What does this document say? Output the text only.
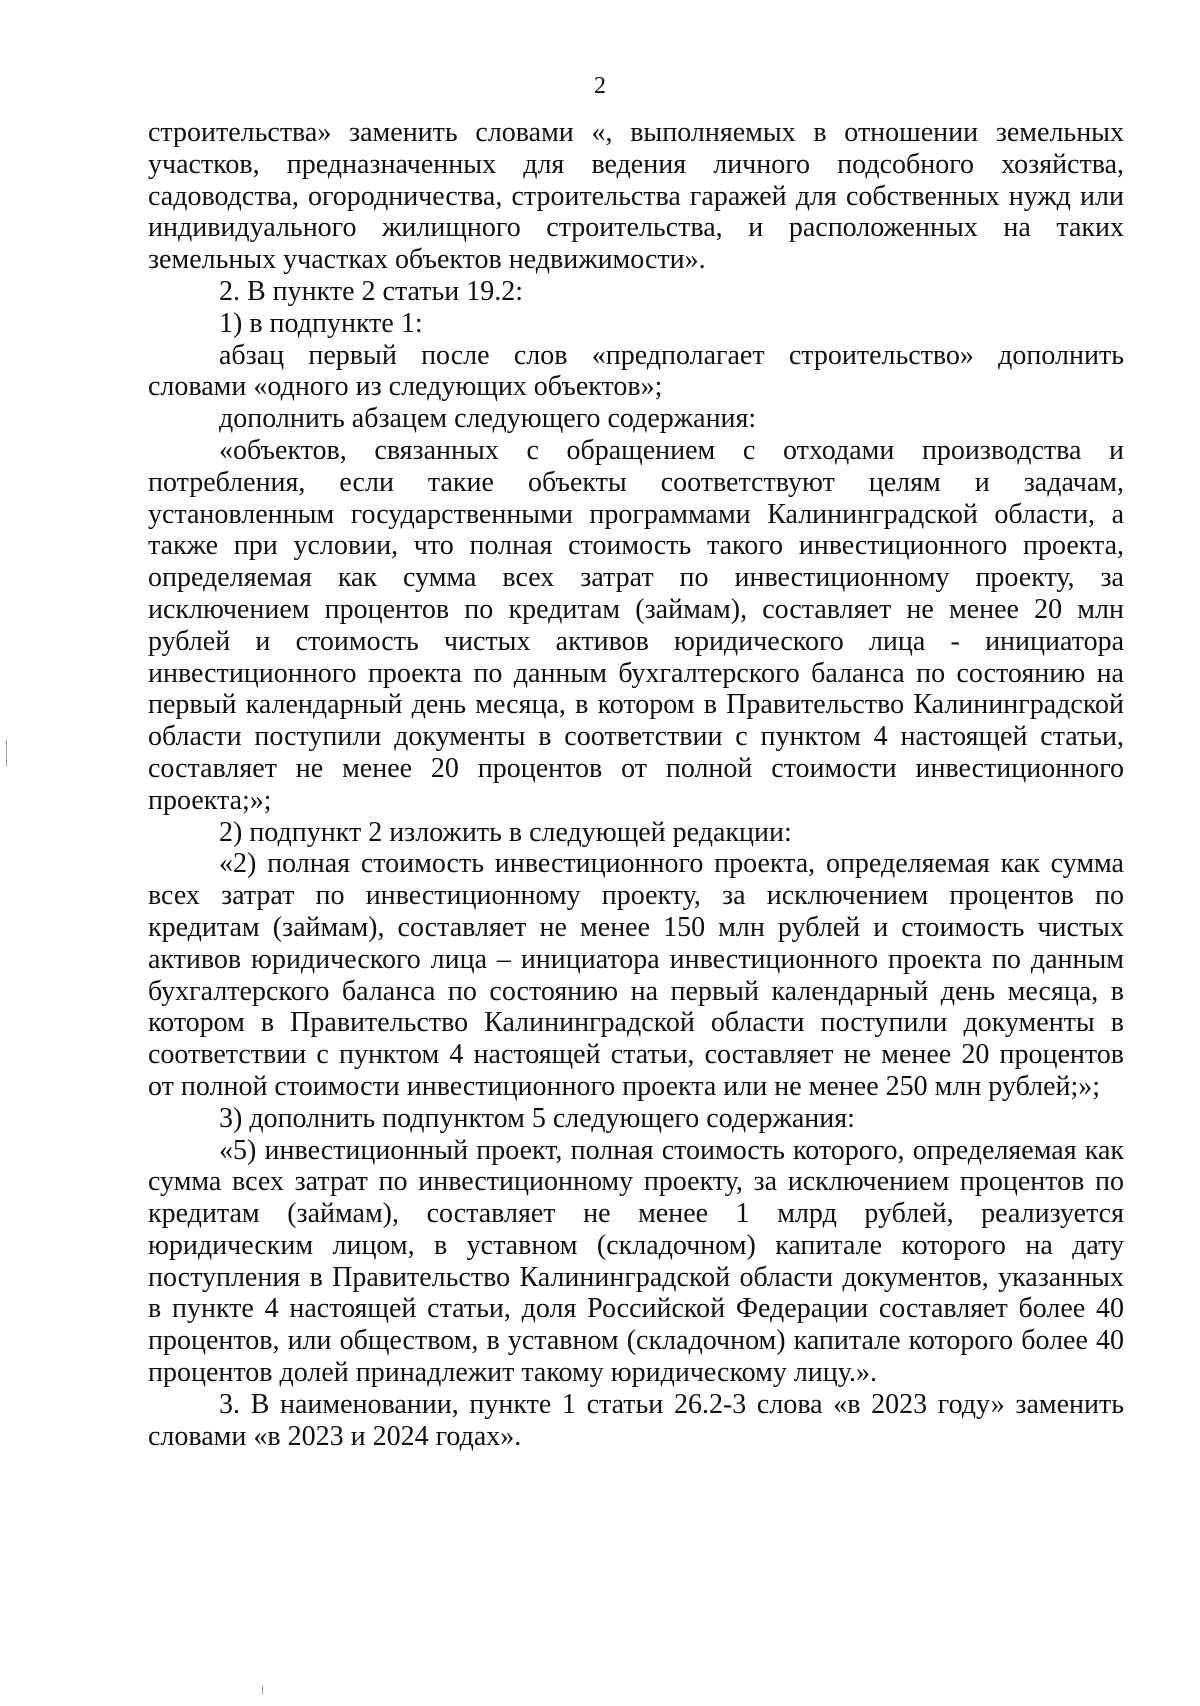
2

строительства» заменить словами «, выполняемых в отношении земельных участков, предназначенных для ведения личного подсобного хозяйства, садоводства, огородничества, строительства гаражей для собственных нужд или индивидуального жилищного строительства, и расположенных на таких земельных участках объектов недвижимости».

2. В пункте 2 статьи 19.2:

1) в подпункте 1:

абзац первый после слов «предполагает строительство» дополнить словами «одного из следующих объектов»;

дополнить абзацем следующего содержания:

«объектов, связанных с обращением с отходами производства и потребления, если такие объекты соответствуют целям и задачам, установленным государственными программами Калининградской области, а также при условии, что полная стоимость такого инвестиционного проекта, определяемая как сумма всех затрат по инвестиционному проекту, за исключением процентов по кредитам (займам), составляет не менее 20 млн рублей и стоимость чистых активов юридического лица - инициатора инвестиционного проекта по данным бухгалтерского баланса по состоянию на первый календарный день месяца, в котором в Правительство Калининградской области поступили документы в соответствии с пунктом 4 настоящей статьи, составляет не менее 20 процентов от полной стоимости инвестиционного проекта;»;

2) подпункт 2 изложить в следующей редакции:

«2) полная стоимость инвестиционного проекта, определяемая как сумма всех затрат по инвестиционному проекту, за исключением процентов по кредитам (займам), составляет не менее 150 млн рублей и стоимость чистых активов юридического лица – инициатора инвестиционного проекта по данным бухгалтерского баланса по состоянию на первый календарный день месяца, в котором в Правительство Калининградской области поступили документы в соответствии с пунктом 4 настоящей статьи, составляет не менее 20 процентов от полной стоимости инвестиционного проекта или не менее 250 млн рублей;»;

3) дополнить подпунктом 5 следующего содержания:

«5) инвестиционный проект, полная стоимость которого, определяемая как сумма всех затрат по инвестиционному проекту, за исключением процентов по кредитам (займам), составляет не менее 1 млрд рублей, реализуется юридическим лицом, в уставном (складочном) капитале которого на дату поступления в Правительство Калининградской области документов, указанных в пункте 4 настоящей статьи, доля Российской Федерации составляет более 40 процентов, или обществом, в уставном (складочном) капитале которого более 40 процентов долей принадлежит такому юридическому лицу.».

3. В наименовании, пункте 1 статьи 26.2-3 слова «в 2023 году» заменить словами «в 2023 и 2024 годах».
